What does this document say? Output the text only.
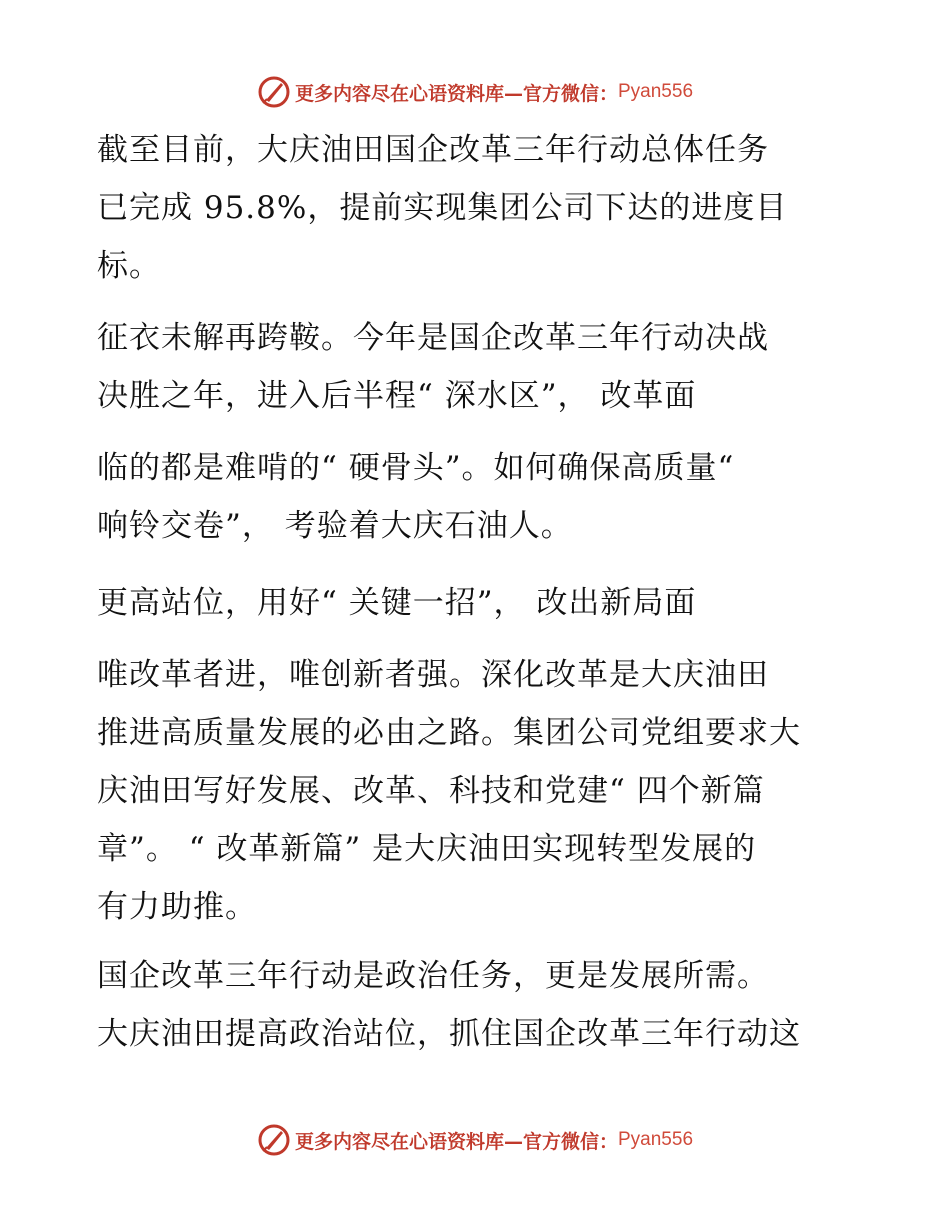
更多内容尽在心语资料库—官方微信： Pyan556
截至目前，大庆油田国企改革三年行动总体任务
已完成 95.8%，提前实现集团公司下达的进度目
标。
征衣未解再跨鞍。今年是国企改革三年行动决战
决胜之年，进入后半程“ 深水区”， 改革面
临的都是难啃的“ 硬骨头”。如何确保高质量“
响铃交卷”， 考验着大庆石油人。
更高站位，用好“ 关键一招”， 改出新局面
唯改革者进，唯创新者强。深化改革是大庆油田
推进高质量发展的必由之路。集团公司党组要求大
庆油田写好发展、改革、科技和党建“ 四个新篇
章”。 “ 改革新篇” 是大庆油田实现转型发展的
有力助推。
国企改革三年行动是政治任务，更是发展所需。
大庆油田提高政治站位，抓住国企改革三年行动这
更多内容尽在心语资料库—官方微信： Pyan556
